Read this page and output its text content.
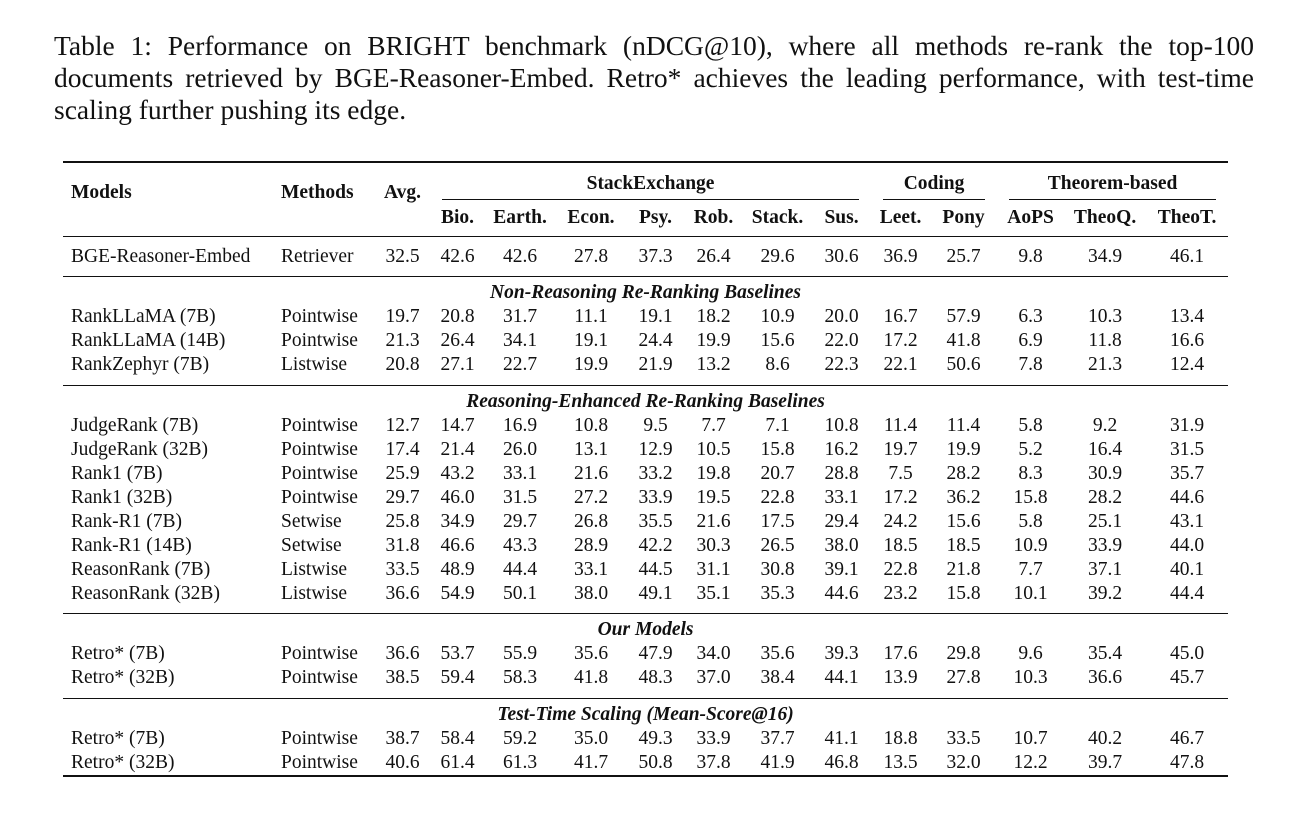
Table 1: Performance on BRIGHT benchmark (nDCG@10), where all methods re-rank the top-100 documents retrieved by BGE-Reasoner-Embed. Retro* achieves the leading performance, with test-time scaling further pushing its edge.
Models	Methods	Avg.	StackExchange							Coding		Theorem-based		

			Bio.	Earth.	Econ.	Psy.	Rob.	Stack.	Sus.	Leet.	Pony	AoPS	TheoQ.	TheoT.
BGE-Reasoner-Embed	Retriever	32.5	42.6	42.6	27.8	37.3	26.4	29.6	30.6	36.9	25.7	9.8	34.9	46.1

Non-Reasoning Re-Ranking Baselines														
RankLLaMA (7B)	Pointwise	19.7	20.8	31.7	11.1	19.1	18.2	10.9	20.0	16.7	57.9	6.3	10.3	13.4
RankLLaMA (14B)	Pointwise	21.3	26.4	34.1	19.1	24.4	19.9	15.6	22.0	17.2	41.8	6.9	11.8	16.6
RankZephyr (7B)	Listwise	20.8	27.1	22.7	19.9	21.9	13.2	8.6	22.3	22.1	50.6	7.8	21.3	12.4

Reasoning-Enhanced Re-Ranking Baselines														
JudgeRank (7B)	Pointwise	12.7	14.7	16.9	10.8	9.5	7.7	7.1	10.8	11.4	11.4	5.8	9.2	31.9
JudgeRank (32B)	Pointwise	17.4	21.4	26.0	13.1	12.9	10.5	15.8	16.2	19.7	19.9	5.2	16.4	31.5
Rank1 (7B)	Pointwise	25.9	43.2	33.1	21.6	33.2	19.8	20.7	28.8	7.5	28.2	8.3	30.9	35.7
Rank1 (32B)	Pointwise	29.7	46.0	31.5	27.2	33.9	19.5	22.8	33.1	17.2	36.2	15.8	28.2	44.6
Rank-R1 (7B)	Setwise	25.8	34.9	29.7	26.8	35.5	21.6	17.5	29.4	24.2	15.6	5.8	25.1	43.1
Rank-R1 (14B)	Setwise	31.8	46.6	43.3	28.9	42.2	30.3	26.5	38.0	18.5	18.5	10.9	33.9	44.0
ReasonRank (7B)	Listwise	33.5	48.9	44.4	33.1	44.5	31.1	30.8	39.1	22.8	21.8	7.7	37.1	40.1
ReasonRank (32B)	Listwise	36.6	54.9	50.1	38.0	49.1	35.1	35.3	44.6	23.2	15.8	10.1	39.2	44.4

Our Models														
Retro* (7B)	Pointwise	36.6	53.7	55.9	35.6	47.9	34.0	35.6	39.3	17.6	29.8	9.6	35.4	45.0
Retro* (32B)	Pointwise	38.5	59.4	58.3	41.8	48.3	37.0	38.4	44.1	13.9	27.8	10.3	36.6	45.7

Test-Time Scaling (Mean-Score@16)														
Retro* (7B)	Pointwise	38.7	58.4	59.2	35.0	49.3	33.9	37.7	41.1	18.8	33.5	10.7	40.2	46.7
Retro* (32B)	Pointwise	40.6	61.4	61.3	41.7	50.8	37.8	41.9	46.8	13.5	32.0	12.2	39.7	47.8
